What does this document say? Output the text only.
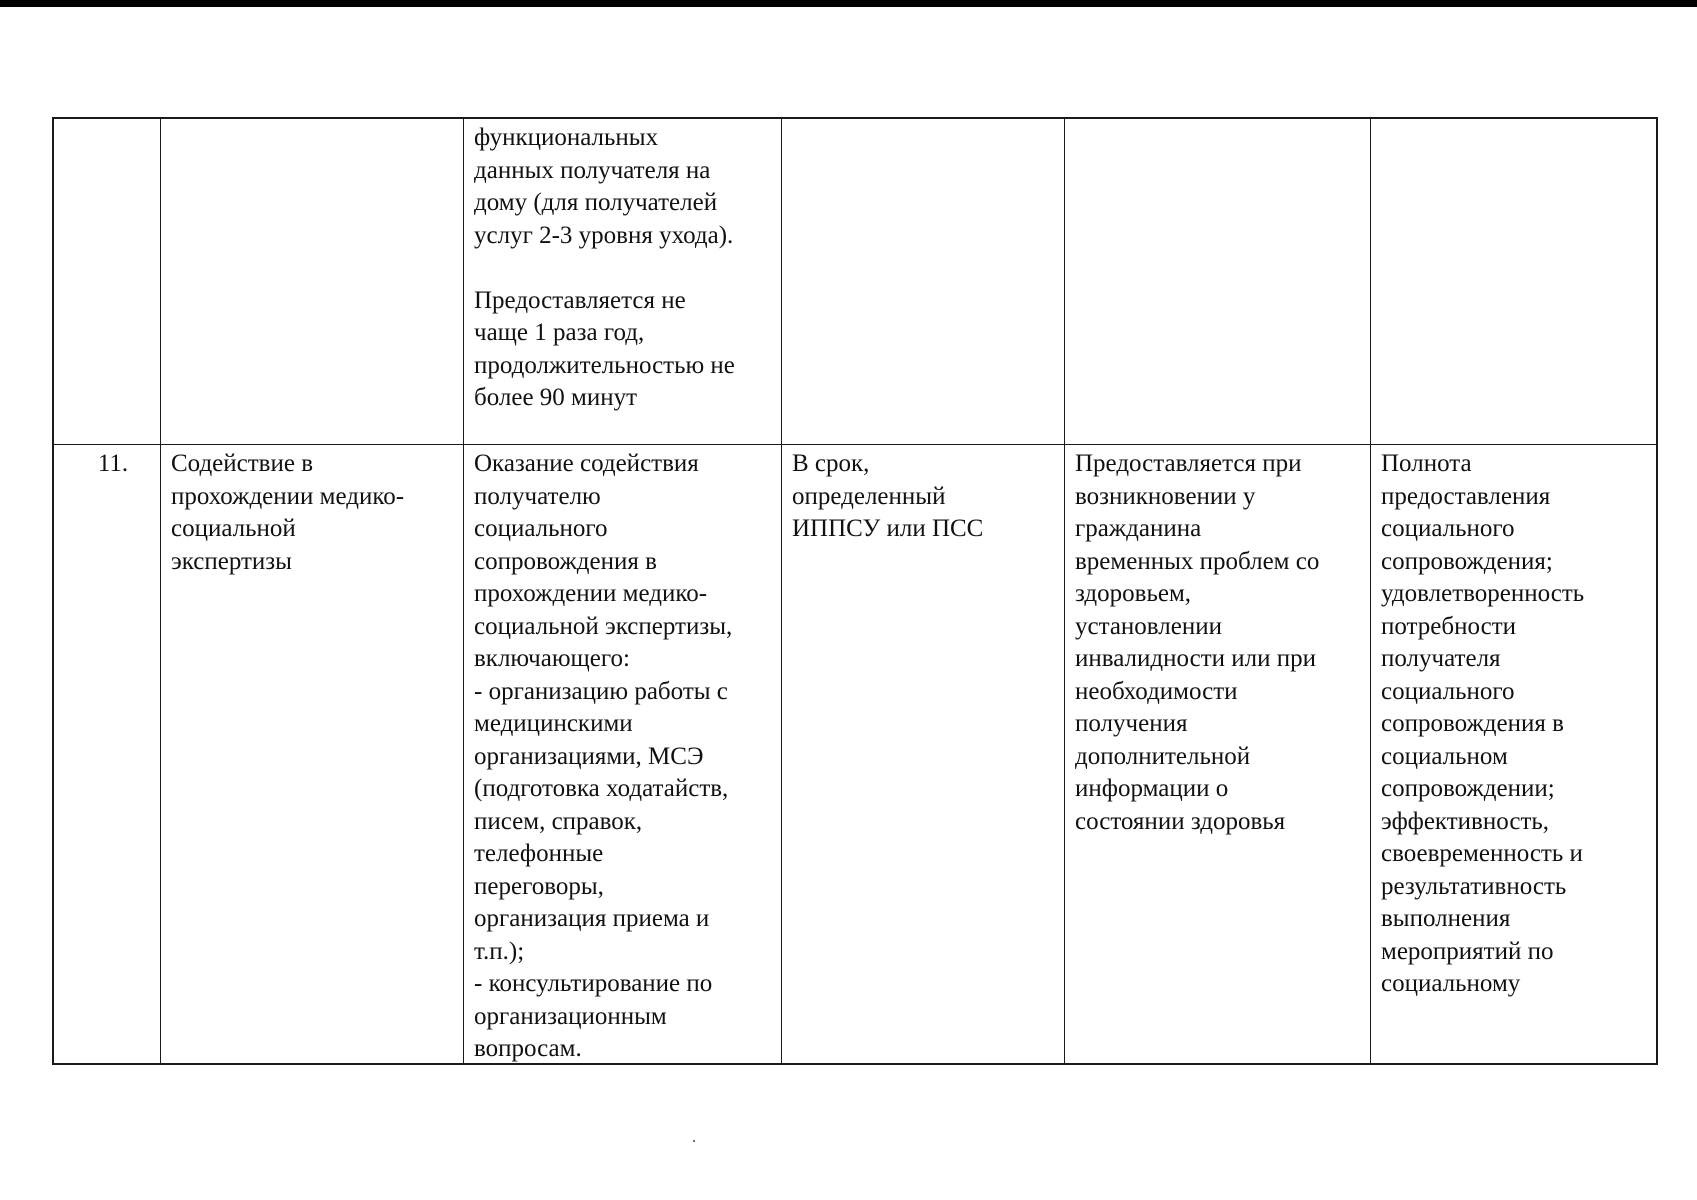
функциональных
данных получателя на
дому (для получателей
услуг 2-3 уровня ухода).

Предоставляется не
чаще 1 раза год,
продолжительностью не
более 90 минут
11.	Содействие в
прохождении медико-
социальной
экспертизы
Оказание содействия
получателю
социального
сопровождения в
прохождении медико-
социальной экспертизы,
включающего:
- организацию работы с
медицинскими
организациями, МСЭ
(подготовка ходатайств,
писем, справок,
телефонные
переговоры,
организация приема и
т.п.);
- консультирование по
организационным
вопросам.
В срок,
определенный
ИППСУ или ПСС
Предоставляется при
возникновении у
гражданина
временных проблем со
здоровьем,
установлении
инвалидности или при
необходимости
получения
дополнительной
информации о
состоянии здоровья
Полнота
предоставления
социального
сопровождения;
удовлетворенность
потребности
получателя
социального
сопровождения в
социальном
сопровождении;
эффективность,
своевременность и
результативность
выполнения
мероприятий по
социальному
